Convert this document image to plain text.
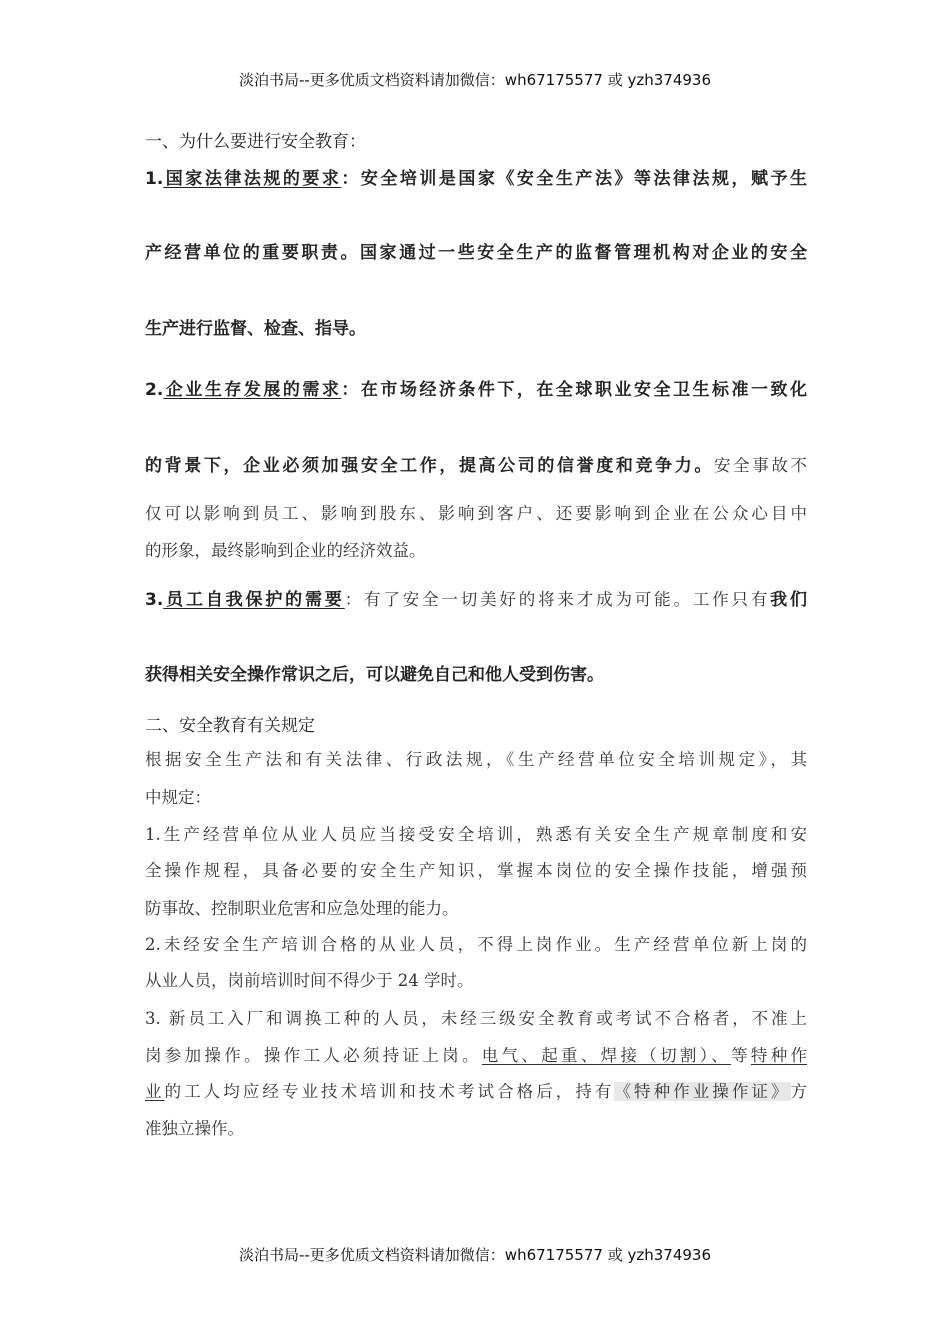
淡泊书局--更多优质文档资料请加微信：wh67175577 或 yzh374936
一、为什么要进行安全教育：
1.国家法律法规的要求：安全培训是国家《安全生产法》等法律法规，赋予生
产经营单位的重要职责。国家通过一些安全生产的监督管理机构对企业的安全
生产进行监督、检查、指导。
2.企业生存发展的需求：在市场经济条件下，在全球职业安全卫生标准一致化
的背景下，企业必须加强安全工作，提高公司的信誉度和竞争力。安全事故不
仅可以影响到员工、影响到股东、影响到客户、还要影响到企业在公众心目中
的形象，最终影响到企业的经济效益。
3.员工自我保护的需要：有了安全一切美好的将来才成为可能。工作只有我们
获得相关安全操作常识之后，可以避免自己和他人受到伤害。
二、安全教育有关规定
根据安全生产法和有关法律、行政法规，《生产经营单位安全培训规定》，其
中规定：
1.生产经营单位从业人员应当接受安全培训，熟悉有关安全生产规章制度和安
全操作规程，具备必要的安全生产知识，掌握本岗位的安全操作技能，增强预
防事故、控制职业危害和应急处理的能力。
2.未经安全生产培训合格的从业人员，不得上岗作业。生产经营单位新上岗的
从业人员，岗前培训时间不得少于 24 学时。
3. 新员工入厂和调换工种的人员，未经三级安全教育或考试不合格者，不准上
岗参加操作。操作工人必须持证上岗。电气、起重、焊接（切割）、等特种作
业的工人均应经专业技术培训和技术考试合格后，持有《特种作业操作证》方
准独立操作。
淡泊书局--更多优质文档资料请加微信：wh67175577 或 yzh374936
